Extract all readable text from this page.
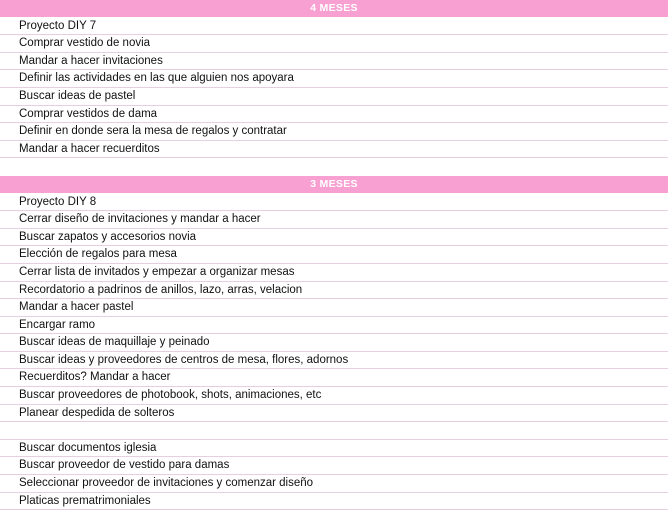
4 MESES
Proyecto DIY 7
Comprar vestido de novia
Mandar a hacer invitaciones
Definir las actividades en las que alguien nos apoyara
Buscar ideas de pastel
Comprar vestidos de dama
Definir en donde sera la mesa de regalos y contratar
Mandar a hacer recuerditos
3 MESES
Proyecto DIY 8
Cerrar diseño de invitaciones y mandar a hacer
Buscar zapatos y accesorios novia
Elección de regalos para mesa
Cerrar lista de invitados y empezar a organizar mesas
Recordatorio a padrinos de anillos, lazo, arras, velacion
Mandar a hacer pastel
Encargar ramo
Buscar ideas de maquillaje y peinado
Buscar ideas y proveedores de centros de mesa, flores, adornos
Recuerditos? Mandar a hacer
Buscar proveedores de photobook, shots, animaciones, etc
Planear despedida de solteros
Buscar documentos iglesia
Buscar proveedor de vestido para damas
Seleccionar proveedor de invitaciones y comenzar diseño
Platicas prematrimoniales
